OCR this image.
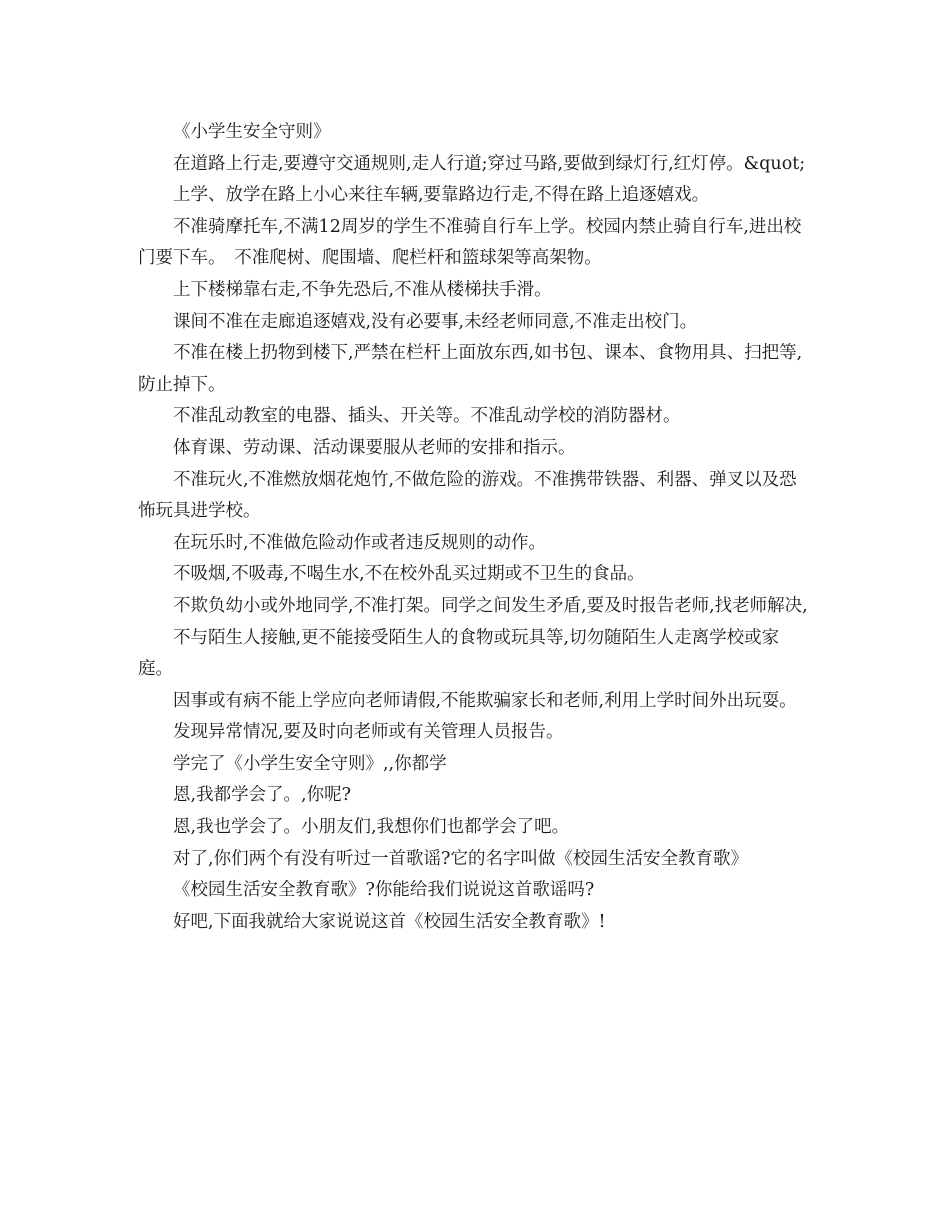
《小学生安全守则》

在道路上行走,要遵守交通规则,走人行道;穿过马路,要做到绿灯行,红灯停。&quot;

上学、放学在路上小心来往车辆,要靠路边行走,不得在路上追逐嬉戏。

不准骑摩托车,不满12周岁的学生不准骑自行车上学。校园内禁止骑自行车,进出校门要下车。　不准爬树、爬围墙、爬栏杆和篮球架等高架物。

上下楼梯靠右走,不争先恐后,不准从楼梯扶手滑。

课间不准在走廊追逐嬉戏,没有必要事,未经老师同意,不准走出校门。

不准在楼上扔物到楼下,严禁在栏杆上面放东西,如书包、课本、食物用具、扫把等,防止掉下。

不准乱动教室的电器、插头、开关等。不准乱动学校的消防器材。

体育课、劳动课、活动课要服从老师的安排和指示。

不准玩火,不准燃放烟花炮竹,不做危险的游戏。不准携带铁器、利器、弹叉以及恐怖玩具进学校。

在玩乐时,不准做危险动作或者违反规则的动作。

不吸烟,不吸毒,不喝生水,不在校外乱买过期或不卫生的食品。

不欺负幼小或外地同学,不准打架。同学之间发生矛盾,要及时报告老师,找老师解决,

不与陌生人接触,更不能接受陌生人的食物或玩具等,切勿随陌生人走离学校或家庭。

因事或有病不能上学应向老师请假,不能欺骗家长和老师,利用上学时间外出玩耍。

发现异常情况,要及时向老师或有关管理人员报告。

学完了《小学生安全守则》,,你都学

恩,我都学会了。,你呢?

恩,我也学会了。小朋友们,我想你们也都学会了吧。

对了,你们两个有没有听过一首歌谣?它的名字叫做《校园生活安全教育歌》

《校园生活安全教育歌》?你能给我们说说这首歌谣吗?

好吧,下面我就给大家说说这首《校园生活安全教育歌》!
